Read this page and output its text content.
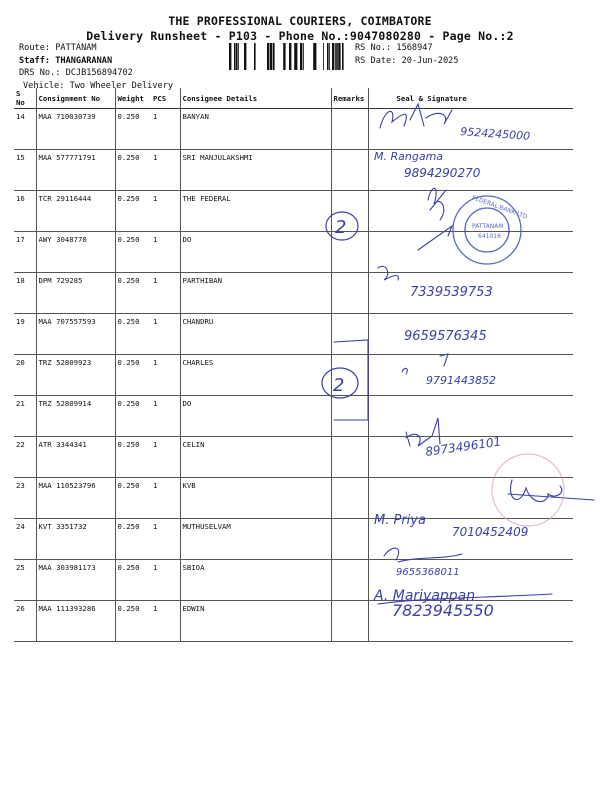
THE PROFESSIONAL COURIERS, COIMBATORE
Delivery Runsheet - P103 - Phone No.:9047080280 - Page No.:2
Route: PATTANAM
Staff: THANGARANAN
DRS No.: DCJB156894702
Vehicle: Two Wheeler Delivery
RS No.: 1568947
RS Date: 20-Jun-2025
S No	Consignment No	Weight	PCS	Consignee Details	Remarks	Seal & Signature
14	MAA 710030739	0.250	1	BANYAN		
15	MAA 577771791	0.250	1	SRI MANJULAKSHMI		
16	TCR 29116444	0.250	1	THE FEDERAL		
17	AWY 3048770	0.250	1	DO		
18	DPM 729285	0.250	1	PARTHIBAN		
19	MAA 707557593	0.250	1	CHANDRU		
20	TRZ 52809923	0.250	1	CHARLES		
21	TRZ 52809914	0.250	1	DO		
22	ATR 3344341	0.250	1	CELIN		
23	MAA 110523796	0.250	1	KVB		
24	KVT 3351732	0.250	1	MUTHUSELVAM		
25	MAA 303981173	0.250	1	SBIOA		
26	MAA 111393286	0.250	1	EDWIN		
2
2
PATTANAM
641016
FEDERAL BANK LTD
9524245000
M. Rangama
9894290270
7339539753
9659576345
9791443852
8973496101
M. Priya
7010452409
9655368011
A. Mariyappan
7823945550
